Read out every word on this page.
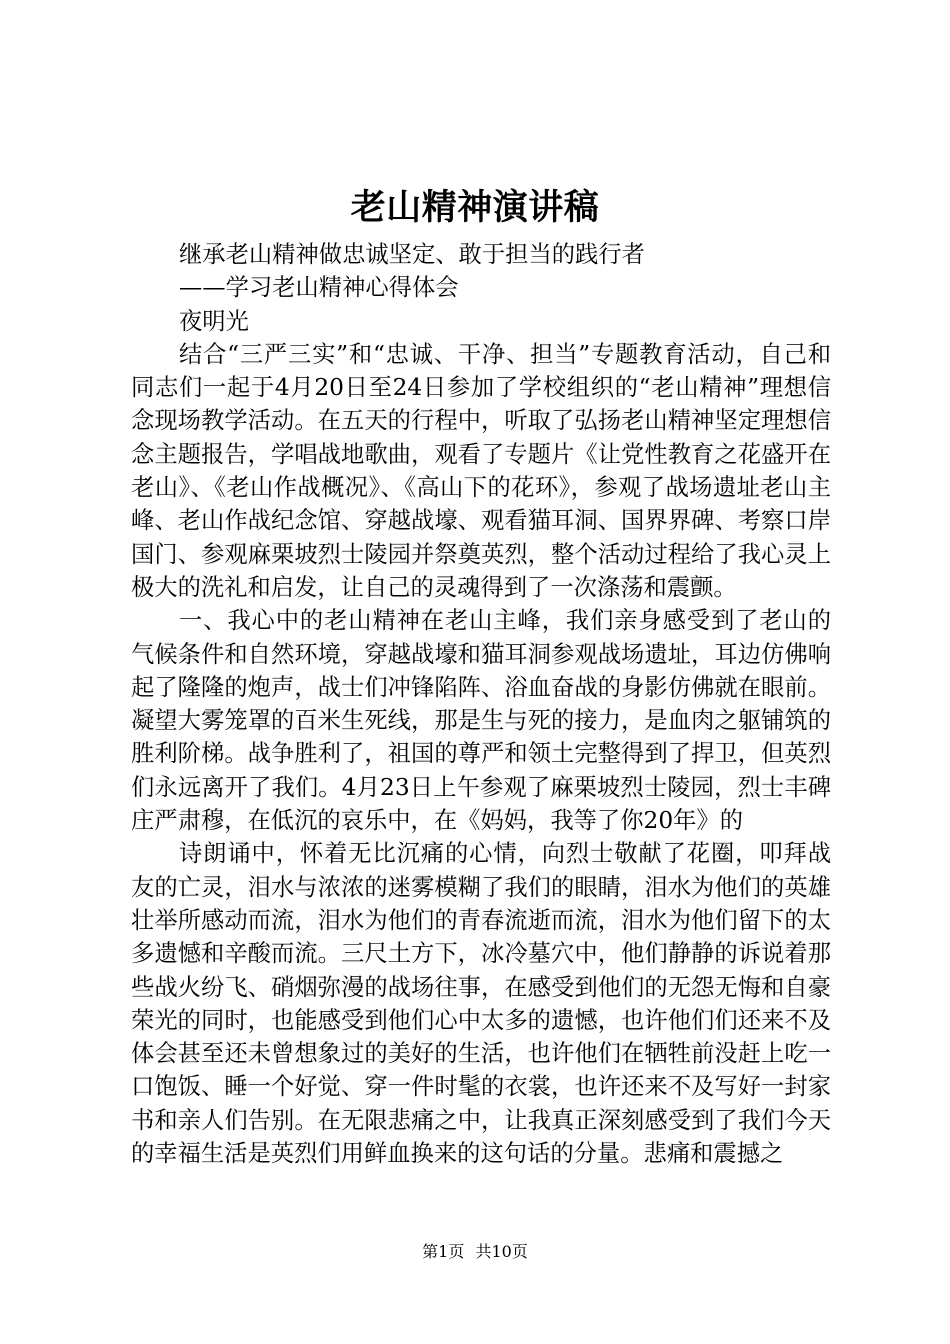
老山精神演讲稿
继承老山精神做忠诚坚定、敢于担当的践行者
——学习老山精神心得体会
夜明光

结合“三严三实”和“忠诚、干净、担当”专题教育活动，自己和同志们一起于4月20日至24日参加了学校组织的“老山精神”理想信念现场教学活动。在五天的行程中，听取了弘扬老山精神坚定理想信念主题报告，学唱战地歌曲，观看了专题片《让党性教育之花盛开在老山》、《老山作战概况》、《高山下的花环》，参观了战场遗址老山主峰、老山作战纪念馆、穿越战壕、观看猫耳洞、国界界碑、考察口岸国门、参观麻栗坡烈士陵园并祭奠英烈，整个活动过程给了我心灵上极大的洗礼和启发，让自己的灵魂得到了一次涤荡和震颤。

一、我心中的老山精神在老山主峰，我们亲身感受到了老山的气候条件和自然环境，穿越战壕和猫耳洞参观战场遗址，耳边仿佛响起了隆隆的炮声，战士们冲锋陷阵、浴血奋战的身影仿佛就在眼前。凝望大雾笼罩的百米生死线，那是生与死的接力，是血肉之躯铺筑的胜利阶梯。战争胜利了，祖国的尊严和领土完整得到了捍卫，但英烈们永远离开了我们。4月23日上午参观了麻栗坡烈士陵园，烈士丰碑庄严肃穆，在低沉的哀乐中，在《妈妈，我等了你20年》的

诗朗诵中，怀着无比沉痛的心情，向烈士敬献了花圈，叩拜战友的亡灵，泪水与浓浓的迷雾模糊了我们的眼睛，泪水为他们的英雄壮举所感动而流，泪水为他们的青春流逝而流，泪水为他们留下的太多遗憾和辛酸而流。三尺土方下，冰冷墓穴中，他们静静的诉说着那些战火纷飞、硝烟弥漫的战场往事，在感受到他们的无怨无悔和自豪荣光的同时，也能感受到他们心中太多的遗憾，也许他们们还来不及体会甚至还未曾想象过的美好的生活，也许他们在牺牲前没赶上吃一口饱饭、睡一个好觉、穿一件时髦的衣裳，也许还来不及写好一封家书和亲人们告别。在无限悲痛之中，让我真正深刻感受到了我们今天的幸福生活是英烈们用鲜血换来的这句话的分量。悲痛和震撼之

第1页 共10页
